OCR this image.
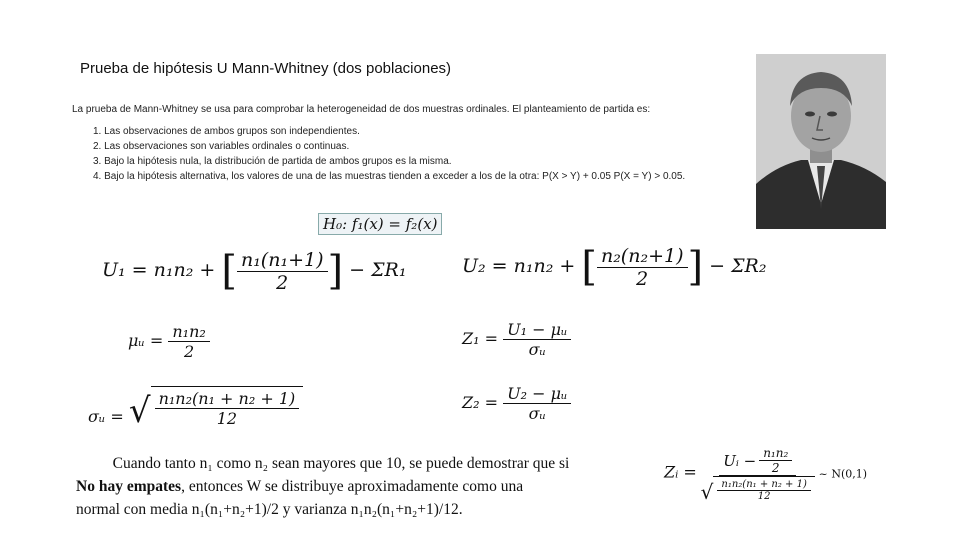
Prueba de hipótesis U Mann-Whitney (dos poblaciones)
La prueba de Mann-Whitney se usa para comprobar la heterogeneidad de dos muestras ordinales. El planteamiento de partida es:
1. Las observaciones de ambos grupos son independientes.
2. Las observaciones son variables ordinales o continuas.
3. Bajo la hipótesis nula, la distribución de partida de ambos grupos es la misma.
4. Bajo la hipótesis alternativa, los valores de una de las muestras tienden a exceder a los de la otra: P(X > Y) + 0.05 P(X = Y) > 0.05.
H₀: f₁(x) = f₂(x)
U₁ = n₁n₂ + [ $\frac{\text{n₁(n₁+1)}}{2}$ ] − ΣR₁	U₂ = n₁n₂ + [ $\frac{\text{n₂(n₂+1)}}{2}$ ] − ΣR₂
μᵤ = $\frac{\text{n₁n₂}}{2}$	$Z_1 = \frac{\text{U₁ − μᵤ}}{\text{σᵤ}}$
σᵤ = √ $\frac{\text{n₁n₂(n₁ + n₂ + 1)}}{12}$	$Z_2 = \frac{\text{U₂ − μᵤ}}{\text{σᵤ}}$
Zᵢ = $\frac{Uᵢ - \frac{\text{n₁n₂}}{2}}{√ \frac{\text{n₁n₂(n₁ + n₂ + 1)}}{12}}$ ~ N(0,1)
Cuando tanto n₁ como n₂ sean mayores que 10, se puede demostrar que si
No hay empates, entonces W se distribuye aproximadamente como una
normal con media n₁(n₁+n₂+1)/2 y varianza n₁n₂(n₁+n₂+1)/12.
